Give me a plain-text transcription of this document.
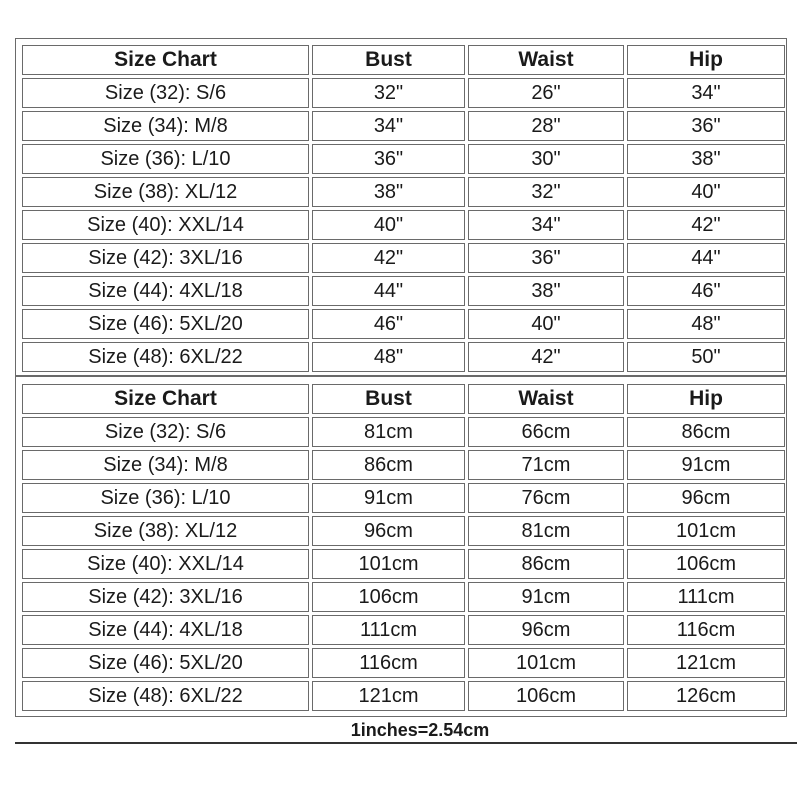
Size Chart	Bust	Waist	Hip
Size (32): S/6	32"	26"	34"
Size (34): M/8	34"	28"	36"
Size (36): L/10	36"	30"	38"
Size (38): XL/12	38"	32"	40"
Size (40): XXL/14	40"	34"	42"
Size (42): 3XL/16	42"	36"	44"
Size (44): 4XL/18	44"	38"	46"
Size (46): 5XL/20	46"	40"	48"
Size (48): 6XL/22	48"	42"	50"
Size Chart	Bust	Waist	Hip
Size (32): S/6	81cm	66cm	86cm
Size (34): M/8	86cm	71cm	91cm
Size (36): L/10	91cm	76cm	96cm
Size (38): XL/12	96cm	81cm	101cm
Size (40): XXL/14	101cm	86cm	106cm
Size (42): 3XL/16	106cm	91cm	111cm
Size (44): 4XL/18	111cm	96cm	116cm
Size (46): 5XL/20	116cm	101cm	121cm
Size (48): 6XL/22	121cm	106cm	126cm
1inches=2.54cm
